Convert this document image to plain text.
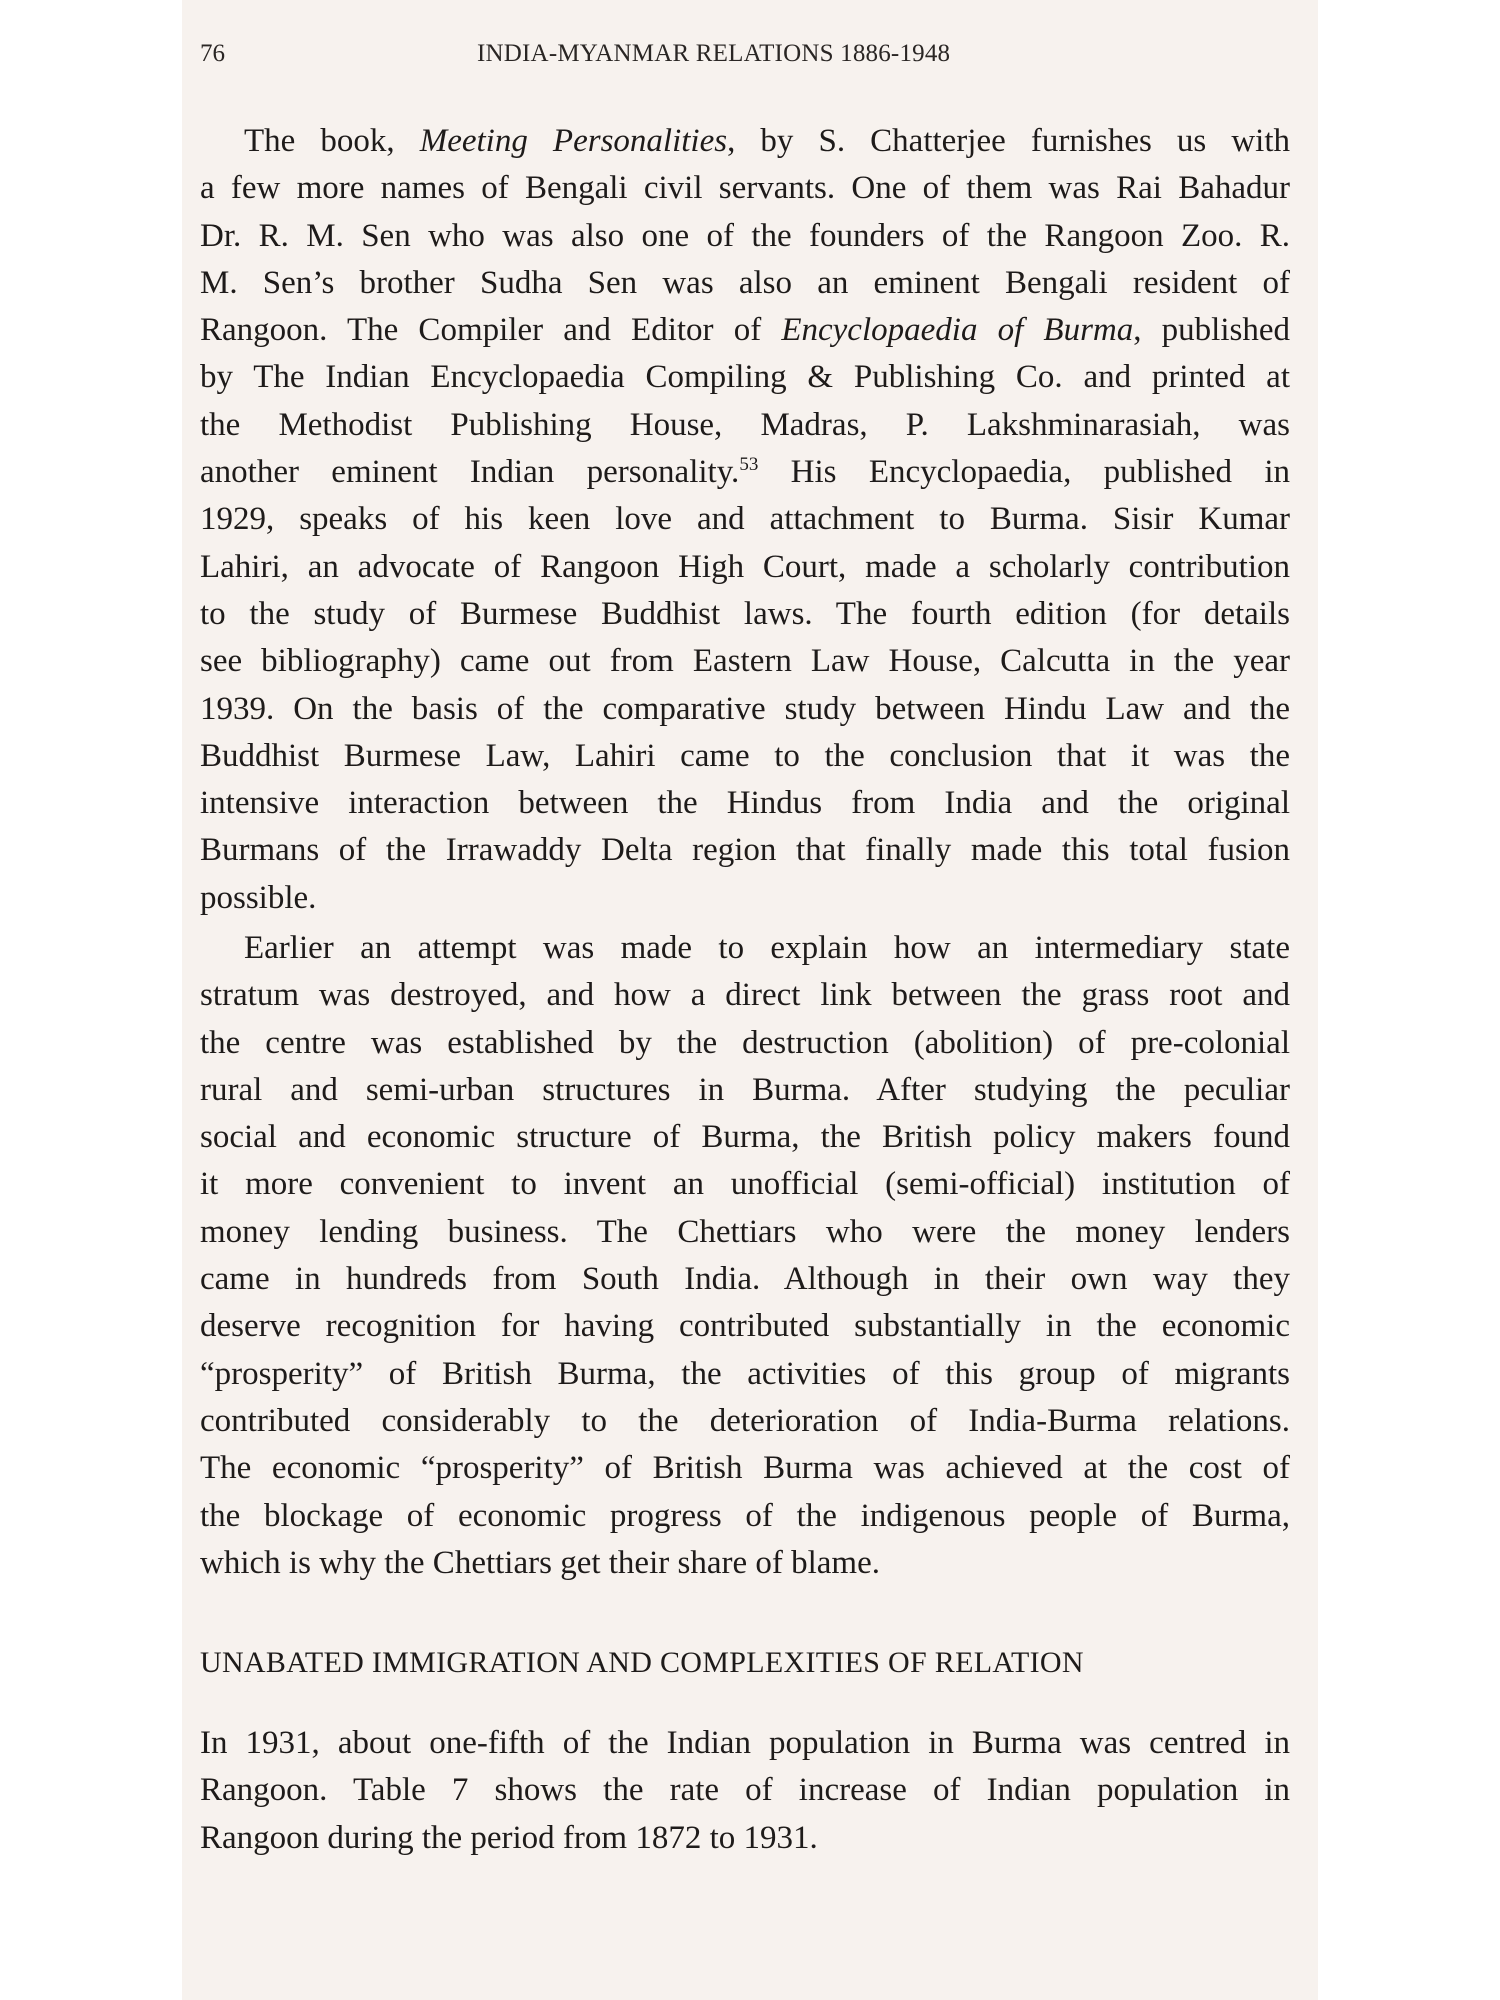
76	INDIA-MYANMAR RELATIONS 1886-1948
The book, Meeting Personalities, by S. Chatterjee furnishes us with
a few more names of Bengali civil servants. One of them was Rai Bahadur
Dr. R. M. Sen who was also one of the founders of the Rangoon Zoo. R.
M. Sen’s brother Sudha Sen was also an eminent Bengali resident of
Rangoon. The Compiler and Editor of Encyclopaedia of Burma, published
by The Indian Encyclopaedia Compiling & Publishing Co. and printed at
the Methodist Publishing House, Madras, P. Lakshminarasiah, was
another eminent Indian personality.$^{53}$ His Encyclopaedia, published in
1929, speaks of his keen love and attachment to Burma. Sisir Kumar
Lahiri, an advocate of Rangoon High Court, made a scholarly contribution
to the study of Burmese Buddhist laws. The fourth edition (for details
see bibliography) came out from Eastern Law House, Calcutta in the year
1939. On the basis of the comparative study between Hindu Law and the
Buddhist Burmese Law, Lahiri came to the conclusion that it was the
intensive interaction between the Hindus from India and the original
Burmans of the Irrawaddy Delta region that finally made this total fusion
possible.
Earlier an attempt was made to explain how an intermediary state
stratum was destroyed, and how a direct link between the grass root and
the centre was established by the destruction (abolition) of pre-colonial
rural and semi-urban structures in Burma. After studying the peculiar
social and economic structure of Burma, the British policy makers found
it more convenient to invent an unofficial (semi-official) institution of
money lending business. The Chettiars who were the money lenders
came in hundreds from South India. Although in their own way they
deserve recognition for having contributed substantially in the economic
“prosperity” of British Burma, the activities of this group of migrants
contributed considerably to the deterioration of India-Burma relations.
The economic “prosperity” of British Burma was achieved at the cost of
the blockage of economic progress of the indigenous people of Burma,
which is why the Chettiars get their share of blame.
UNABATED IMMIGRATION AND COMPLEXITIES OF RELATION
In 1931, about one-fifth of the Indian population in Burma was centred in
Rangoon. Table 7 shows the rate of increase of Indian population in
Rangoon during the period from 1872 to 1931.
